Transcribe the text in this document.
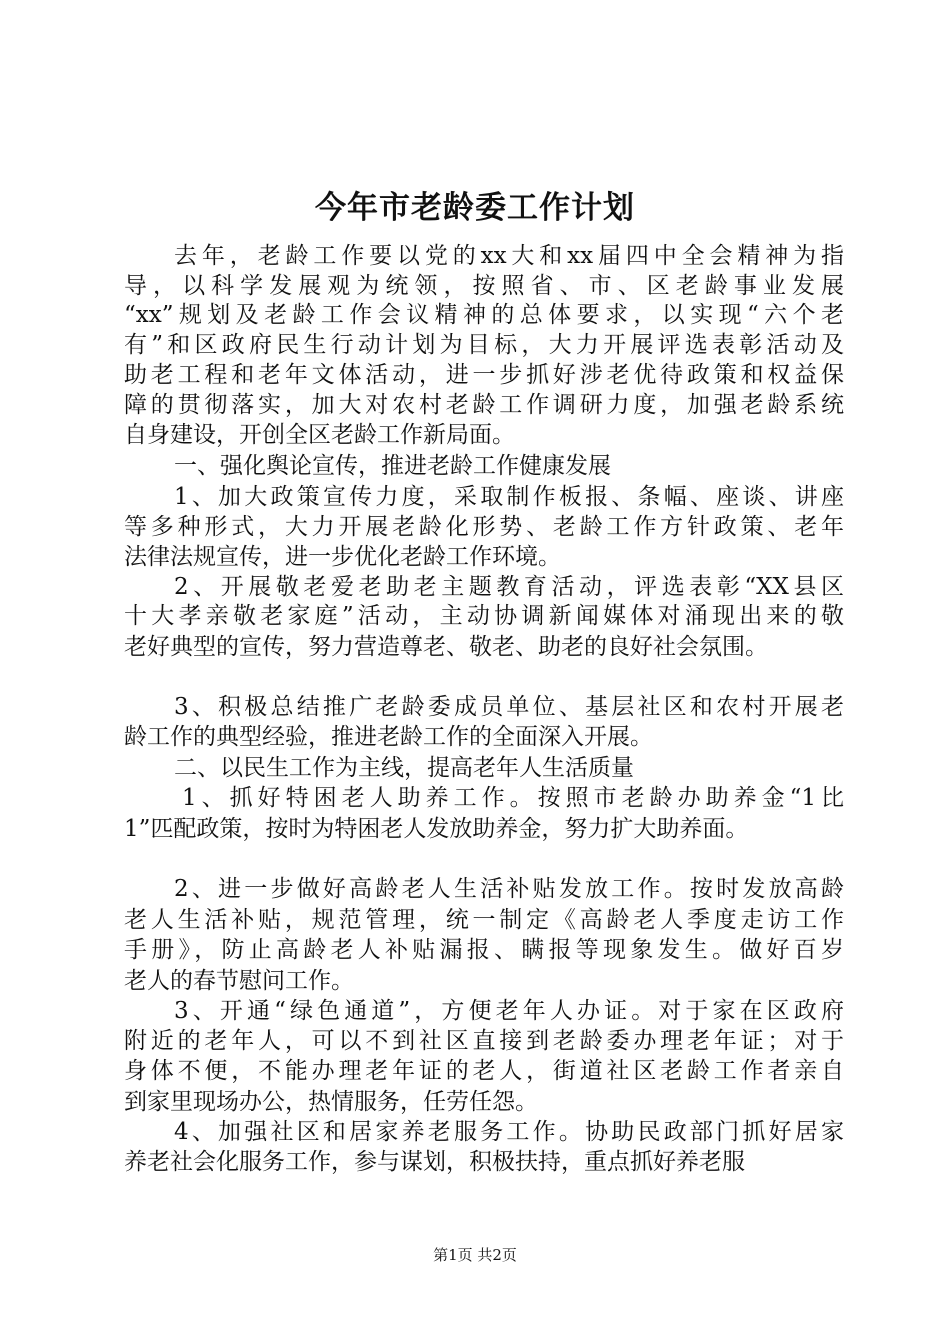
今年市老龄委工作计划
去年，老龄工作要以党的xx大和xx届四中全会精神为指
导，以科学发展观为统领，按照省、市、区老龄事业发展
“xx”规划及老龄工作会议精神的总体要求，以实现“六个老
有”和区政府民生行动计划为目标，大力开展评选表彰活动及
助老工程和老年文体活动，进一步抓好涉老优待政策和权益保
障的贯彻落实，加大对农村老龄工作调研力度，加强老龄系统
自身建设，开创全区老龄工作新局面。
一、强化舆论宣传，推进老龄工作健康发展
1、加大政策宣传力度，采取制作板报、条幅、座谈、讲座
等多种形式，大力开展老龄化形势、老龄工作方针政策、老年
法律法规宣传，进一步优化老龄工作环境。
2、开展敬老爱老助老主题教育活动，评选表彰“XX县区
十大孝亲敬老家庭”活动，主动协调新闻媒体对涌现出来的敬
老好典型的宣传，努力营造尊老、敬老、助老的良好社会氛围。
3、积极总结推广老龄委成员单位、基层社区和农村开展老
龄工作的典型经验，推进老龄工作的全面深入开展。
二、以民生工作为主线，提高老年人生活质量
1、抓好特困老人助养工作。按照市老龄办助养金“1比
1”匹配政策，按时为特困老人发放助养金，努力扩大助养面。
2、进一步做好高龄老人生活补贴发放工作。按时发放高龄
老人生活补贴，规范管理，统一制定《高龄老人季度走访工作
手册》，防止高龄老人补贴漏报、瞒报等现象发生。做好百岁
老人的春节慰问工作。
3、开通“绿色通道”，方便老年人办证。对于家在区政府
附近的老年人，可以不到社区直接到老龄委办理老年证；对于
身体不便，不能办理老年证的老人，街道社区老龄工作者亲自
到家里现场办公，热情服务，任劳任怨。
4、加强社区和居家养老服务工作。协助民政部门抓好居家
养老社会化服务工作，参与谋划，积极扶持，重点抓好养老服
第1页 共2页
